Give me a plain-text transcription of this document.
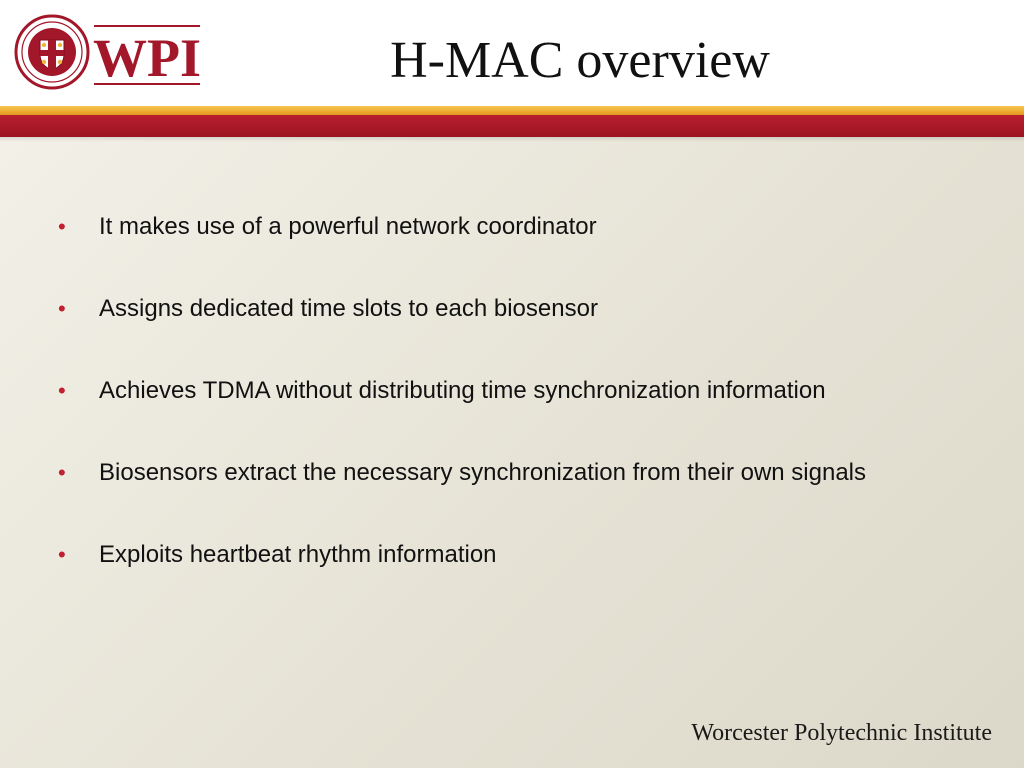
WPI	H-MAC overview
• It makes use of a powerful network coordinator
• Assigns dedicated time slots to each biosensor
• Achieves TDMA without distributing time synchronization information
• Biosensors extract the necessary synchronization from their own signals
• Exploits heartbeat rhythm information
Worcester Polytechnic Institute
